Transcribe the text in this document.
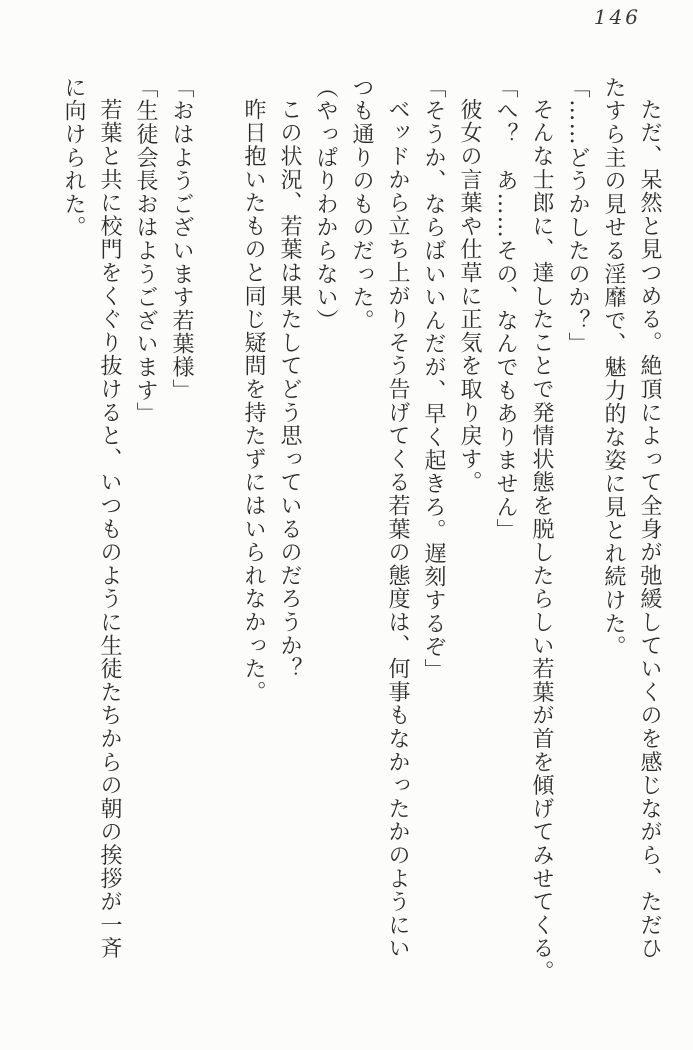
146
ただ、呆然と見つめる。絶頂によって全身が弛緩していくのを感じながら、ただひ
たすら主の見せる淫靡で、魅力的な姿に見とれ続けた。
「……どうかしたのか？」
そんな士郎に、達したことで発情状態を脱したらしい若葉が首を傾げてみせてくる。
「へ？　あ……その、なんでもありません」
彼女の言葉や仕草に正気を取り戻す。
「そうか、ならばいいんだが、早く起きろ。遅刻するぞ」
ベッドから立ち上がりそう告げてくる若葉の態度は、何事もなかったかのようにい
つも通りのものだった。
（やっぱりわからない）
この状況、若葉は果たしてどう思っているのだろうか？
昨日抱いたものと同じ疑問を持たずにはいられなかった。
「おはようございます若葉様」
「生徒会長おはようございます」
若葉と共に校門をくぐり抜けると、いつものように生徒たちからの朝の挨拶が一斉
に向けられた。
